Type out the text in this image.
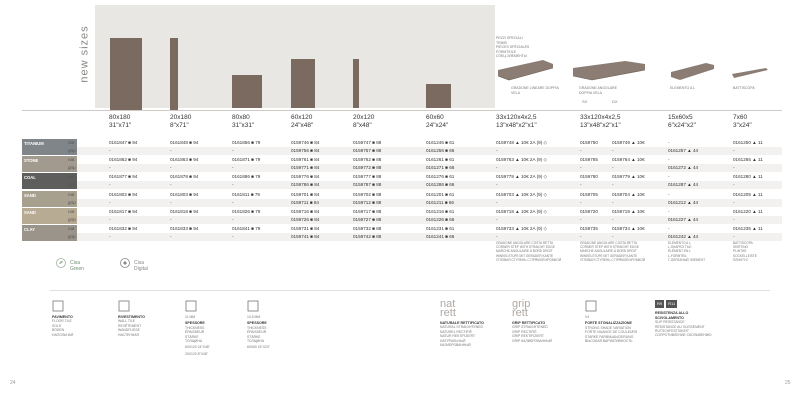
new sizes	PEZZI SPECIALI
TRIMS
PIÈCES SPÉCIALES
FORMTEILE
СПЕЦ.ЭЛЕМЕНТЫ
GRADONE LINEARE DOPPIA VELA
GRADONE ANGOLARE DOPPIA VELA
SX	DX
ELEMENTO A L	BATTISCOPA
80x180
31"x71"
20x180
8"x71"
80x80
31"x31"
60x120
24"x48"
20x120
8"x48"
60x60
24"x24"
33x120x4x2,5
13"x48"x2"x1"
33x120x4x2,5
13"x48"x2"x1"
15x60x5
6"x24"x2"
7x60
3"x24"
TITANIUM	nat	0161847 ■ 94	0161848 ■ 94	0161856 ■ 79	0159746 ■ 84	0159747 ■ 88	0161246 ■ 61	0159748 ▲ 10€ 2A (9) ◇	0159750	0159749 ▲ 10€	-	0161250 ▲ 11
grip	-	-	-	0159756 ■ 84	0159757 ■ 88	0161256 ■ 66	-	-	-	0161257 ▲ 44	-
STONE	nat	0161862 ■ 94	0161863 ■ 94	0161871 ■ 79	0159761 ■ 84	0159762 ■ 88	0161261 ■ 61	0159763 ▲ 10€ 2A (9) ◇	0159765	0159764 ▲ 10€	-	0161265 ▲ 11
grip	-	-	-	0159771 ■ 84	0159772 ■ 88	0161271 ■ 66	-	-	-	0161272 ▲ 44	-
COAL	nat	0161877 ■ 94	0161878 ■ 94	0161886 ■ 79	0159776 ■ 84	0159777 ■ 88	0161276 ■ 61	0159778 ▲ 10€ 2A (9) ◇	0159780	0159779 ▲ 10€	-	0161280 ▲ 11
grip	-	-	-	0159786 ■ 84	0159787 ■ 88	0161286 ■ 66	-	-	-	0161287 ▲ 44	-
SAND	nat	0161802 ■ 94	0161803 ■ 94	0161811 ■ 79	0159701 ■ 84	0159702 ■ 88	0161201 ■ 61	0159703 ▲ 10€ 2A (9) ◇	0159705	0159704 ▲ 10€	-	0161205 ▲ 11
grip	-	-	-	0159711 ■ 84	0159712 ■ 88	0161211 ■ 66	-	-	-	0161212 ▲ 44	-
SAND	nat	0161817 ■ 94	0161818 ■ 94	0161826 ■ 79	0159716 ■ 84	0159717 ■ 88	0161216 ■ 61	0159718 ▲ 10€ 2A (9) ◇	0159720	0159719 ▲ 10€	-	0161220 ▲ 11
grip	-	-	-	0159726 ■ 84	0159727 ■ 88	0161226 ■ 66	-	-	-	0161227 ▲ 44	-
CLAY	nat	0161832 ■ 94	0161833 ■ 94	0161841 ■ 79	0159731 ■ 84	0159732 ■ 88	0161231 ■ 61	0159733 ▲ 10€ 2A (9) ◇	0159735	0159734 ▲ 10€	-	0161235 ▲ 11
grip	-	-	-	0159741 ■ 84	0159742 ■ 88	0161241 ■ 66	-	-	-	0161242 ▲ 44	-
GRADONE ANGOLARE COSTA RETTA
CORNER STEP WITH STRAIGHT EDGE
MARCHE ANGULAIRE À BORD DROIT
WINKELSTUFE MIT GERADER KANTE
УГЛОВАЯ СТУПЕНЬ С ПРЯМОЙ КРОМКОЙ
GRADONE ANGOLARE COSTA RETTA
CORNER STEP WITH STRAIGHT EDGE
MARCHE ANGULAIRE À BORD DROIT
WINKELSTUFE MIT GERADER KANTE
УГЛОВАЯ СТУПЕНЬ С ПРЯМОЙ КРОМКОЙ
ELEMENTO A L
L-SHAPED TILE
ÉLÉMENT EN L
L-FORMTEIL
Г-ОБРАЗНЫЙ ЭЛЕМЕНТ
BATTISCOPA
SKIRTING
PLINTHE
SOCKELLEISTE
ПЛИНТУС
Cisa Green
Cisa Digital
PAVIMENTO
FLOOR TILE
SOLS
BÖDEN
НАПОЛЬНАЯ
RIVESTIMENTO
WALL TILE
REVÊTEMENT
WANDFLIESE
НАСТЕННАЯ
11 MM
SPESSORE
THICKNESS
ÉPAISSEUR
STÄRKE
ТОЛЩИНА
60X120 24"X48"
20X120 8"X48"
10,5 MM
SPESSORE
THICKNESS
ÉPAISSEUR
STÄRKE
ТОЛЩИНА
60X60 24"X24"
nat
rett
NATURALE RETTIFICATO
NATURAL STRAIGHTENED
NATUREL RECTIFIÉ
NATUR REKTIFIZIERT
НАТУРАЛЬНЫЙ
КАЛИБРОВАННЫЙ
grip
rett
GRIP RETTIFICATO
GRIP STRAIGHTENED
GRIP RECTIFIÉ
GRIP REKTIFIZIERT
GRIP КАЛИБРОВАННЫЙ
V4
FORTE STONALIZZAZIONE
STRONG SHADE VARIATION
FORTE NUANCE DE COULEURS
STARKE FARBNUANCIERUNG
ВЫСОКАЯ ВАРИАТИВНОСТЬ
R9	R11
RESISTENZA ALLO SCIVOLAMENTO
SLIP RESISTANCE
RÉSISTANCE AU GLISSEMENT
RUTSCHFESTIGKEIT
СОПРОТИВЛЕНИЕ СКОЛЬЖЕНИЮ
24	25
